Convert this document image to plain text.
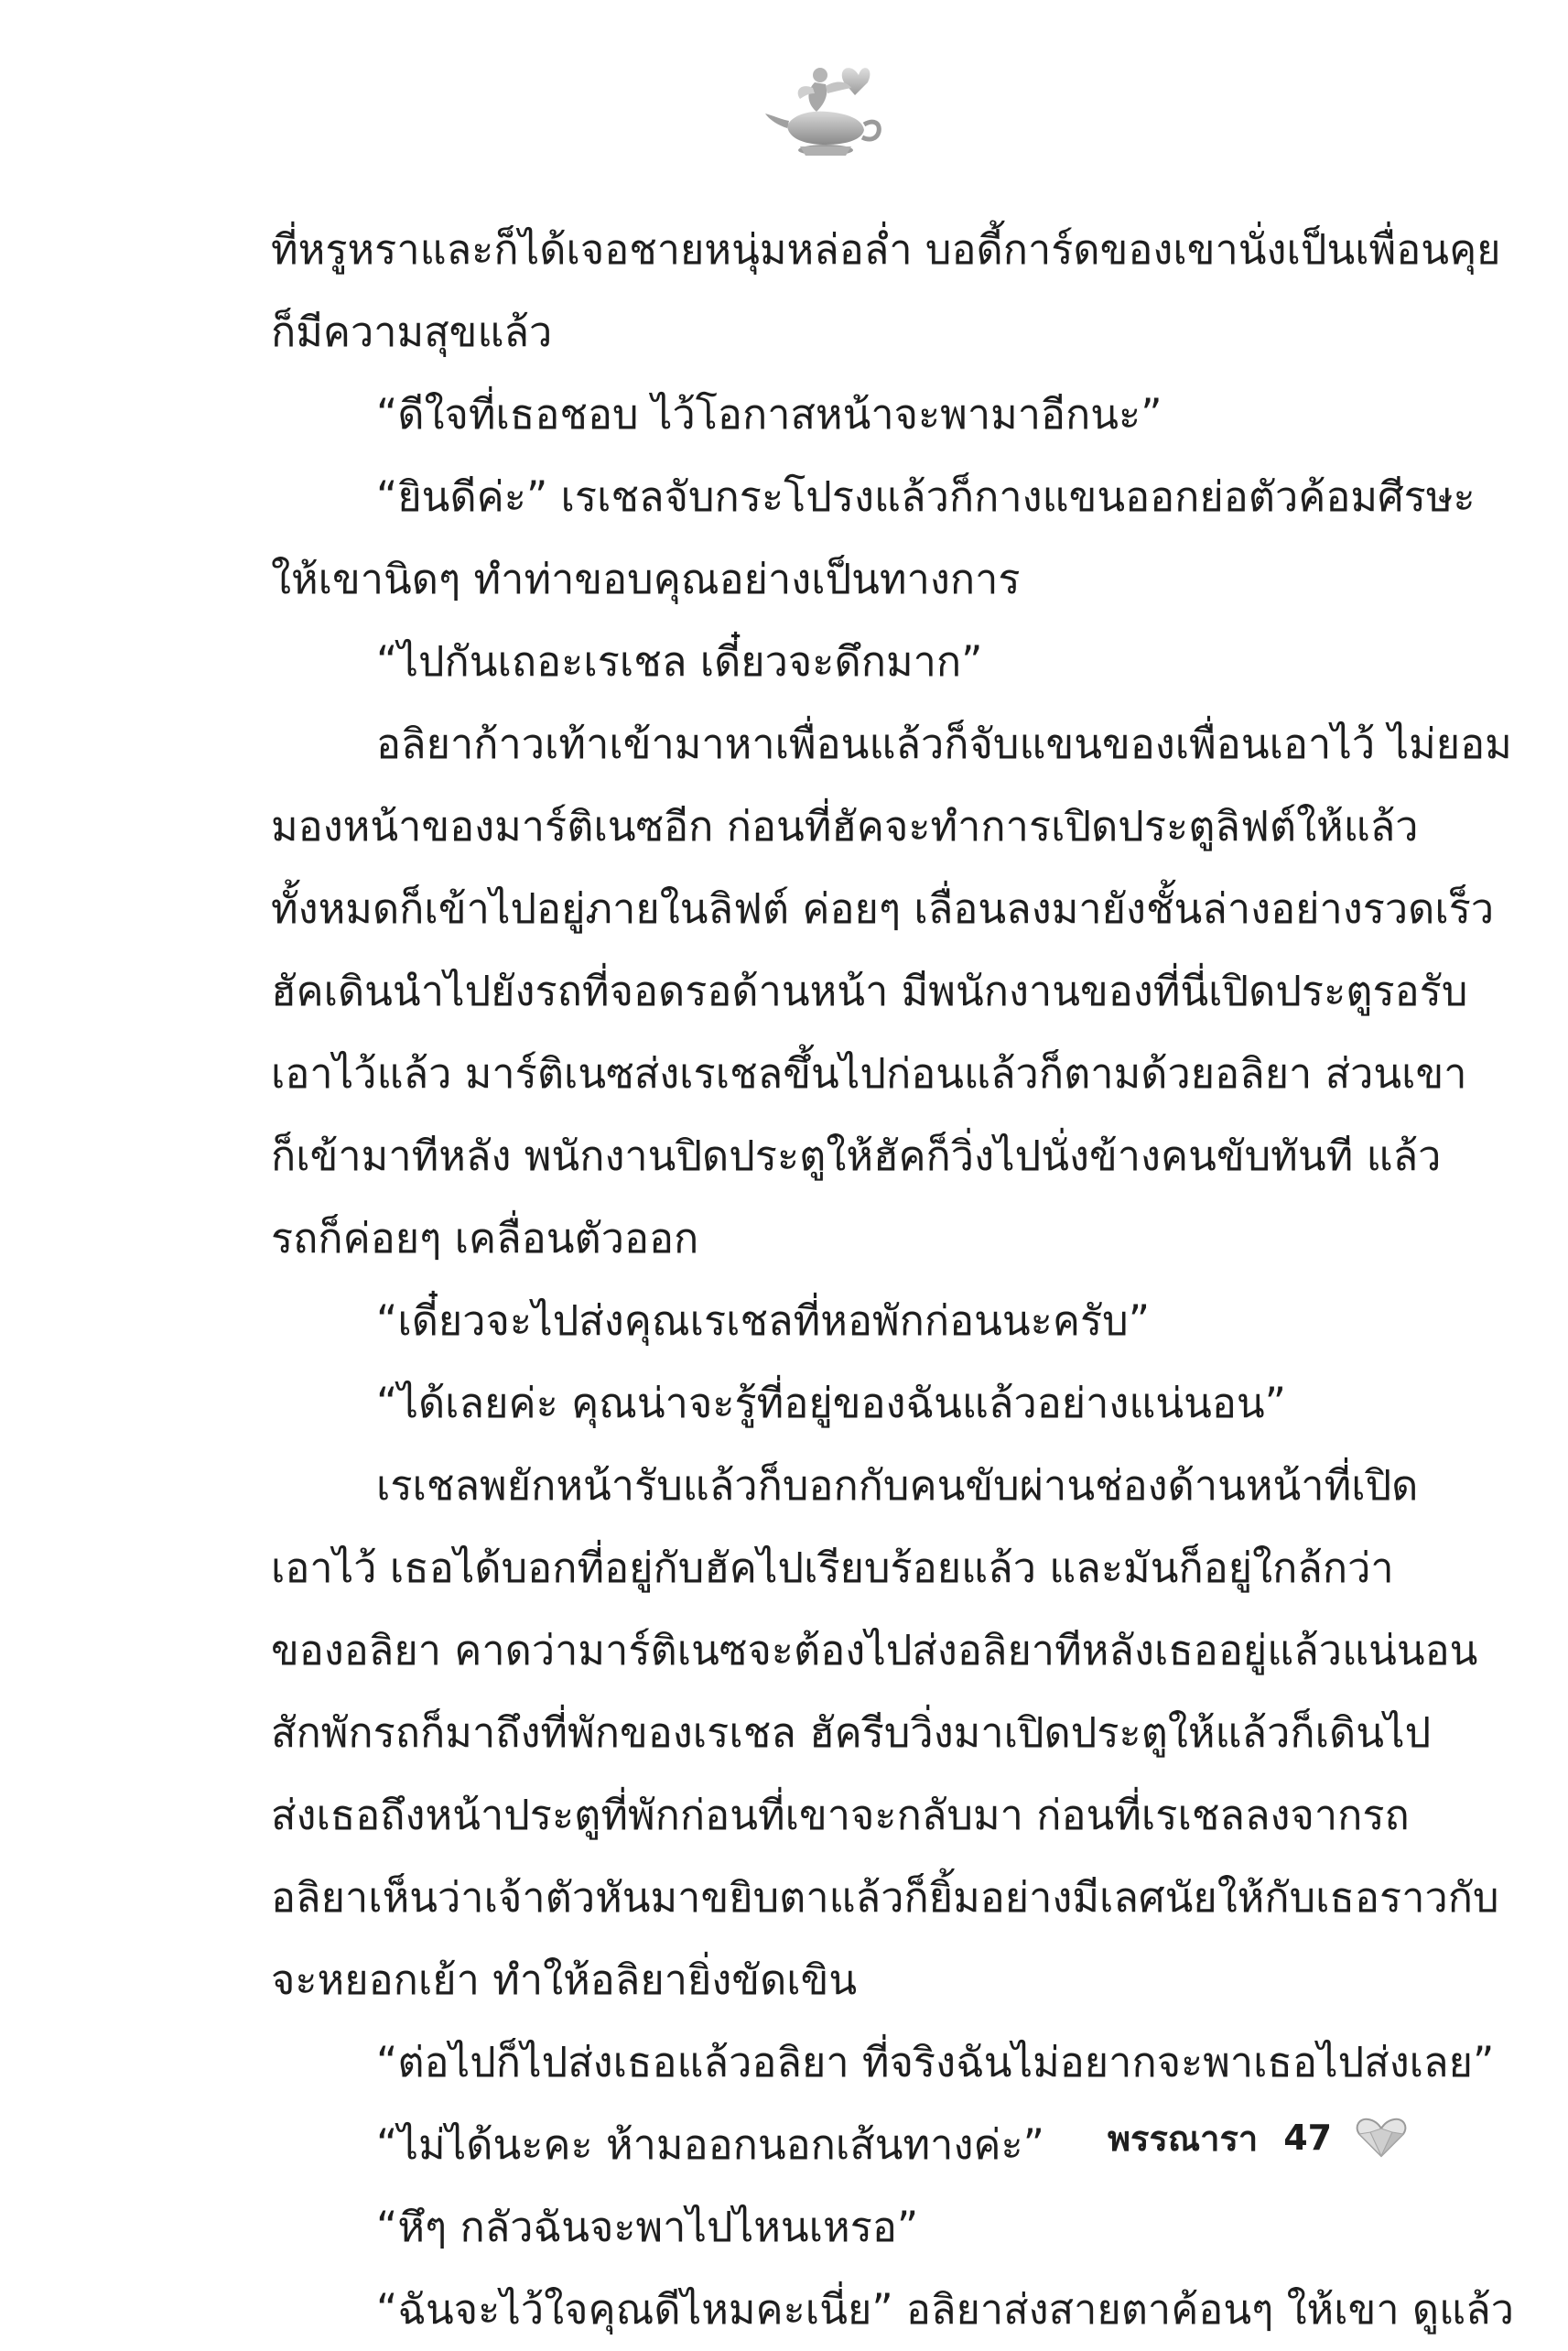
ที่หรูหราและก็ได้เจอชายหนุ่มหล่อล่ำ บอดี้การ์ดของเขานั่งเป็นเพื่อนคุย
ก็มีความสุขแล้ว
“ดีใจที่เธอชอบ ไว้โอกาสหน้าจะพามาอีกนะ”
“ยินดีค่ะ” เรเชลจับกระโปรงแล้วก็กางแขนออกย่อตัวค้อมศีรษะ
ให้เขานิดๆ ทำท่าขอบคุณอย่างเป็นทางการ
“ไปกันเถอะเรเชล เดี๋ยวจะดึกมาก”
อลิยาก้าวเท้าเข้ามาหาเพื่อนแล้วก็จับแขนของเพื่อนเอาไว้ ไม่ยอม
มองหน้าของมาร์ติเนซอีก ก่อนที่ฮัคจะทำการเปิดประตูลิฟต์ให้แล้ว
ทั้งหมดก็เข้าไปอยู่ภายในลิฟต์ ค่อยๆ เลื่อนลงมายังชั้นล่างอย่างรวดเร็ว
ฮัคเดินนำไปยังรถที่จอดรอด้านหน้า มีพนักงานของที่นี่เปิดประตูรอรับ
เอาไว้แล้ว มาร์ติเนซส่งเรเชลขึ้นไปก่อนแล้วก็ตามด้วยอลิยา ส่วนเขา
ก็เข้ามาทีหลัง พนักงานปิดประตูให้ฮัคก็วิ่งไปนั่งข้างคนขับทันที แล้ว
รถก็ค่อยๆ เคลื่อนตัวออก
“เดี๋ยวจะไปส่งคุณเรเชลที่หอพักก่อนนะครับ”
“ได้เลยค่ะ คุณน่าจะรู้ที่อยู่ของฉันแล้วอย่างแน่นอน”
เรเชลพยักหน้ารับแล้วก็บอกกับคนขับผ่านช่องด้านหน้าที่เปิด
เอาไว้ เธอได้บอกที่อยู่กับฮัคไปเรียบร้อยแล้ว และมันก็อยู่ใกล้กว่า
ของอลิยา คาดว่ามาร์ติเนซจะต้องไปส่งอลิยาทีหลังเธออยู่แล้วแน่นอน
สักพักรถก็มาถึงที่พักของเรเชล ฮัครีบวิ่งมาเปิดประตูให้แล้วก็เดินไป
ส่งเธอถึงหน้าประตูที่พักก่อนที่เขาจะกลับมา ก่อนที่เรเชลลงจากรถ
อลิยาเห็นว่าเจ้าตัวหันมาขยิบตาแล้วก็ยิ้มอย่างมีเลศนัยให้กับเธอราวกับ
จะหยอกเย้า ทำให้อลิยายิ่งขัดเขิน
“ต่อไปก็ไปส่งเธอแล้วอลิยา ที่จริงฉันไม่อยากจะพาเธอไปส่งเลย”
“ไม่ได้นะคะ ห้ามออกนอกเส้นทางค่ะ”
“หึๆ กลัวฉันจะพาไปไหนเหรอ”
“ฉันจะไว้ใจคุณดีไหมคะเนี่ย” อลิยาส่งสายตาค้อนๆ ให้เขา ดูแล้ว
พรรณารา 47
